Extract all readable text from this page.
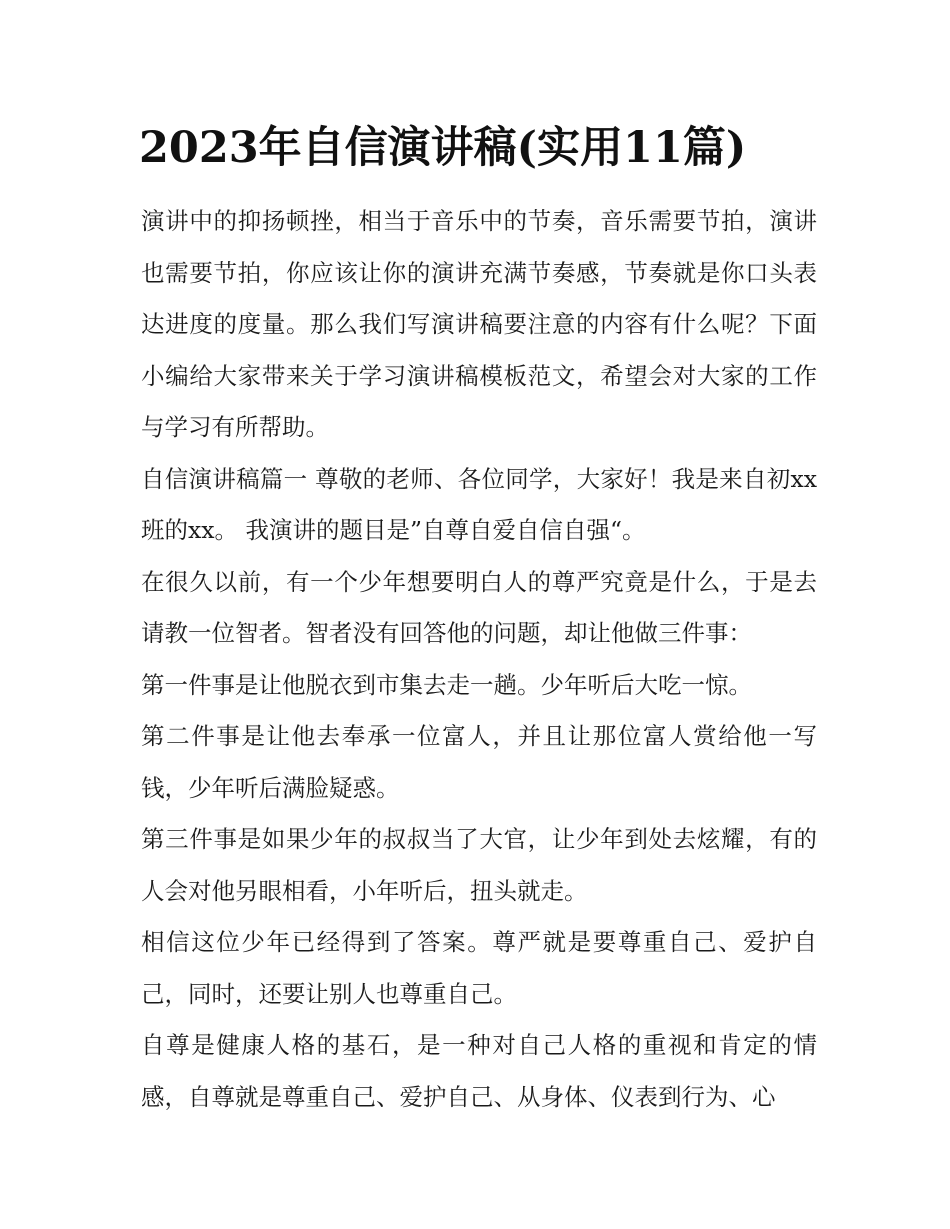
2023年自信演讲稿(实用11篇)

演讲中的抑扬顿挫，相当于音乐中的节奏，音乐需要节拍，演讲也需要节拍，你应该让你的演讲充满节奏感，节奏就是你口头表达进度的度量。那么我们写演讲稿要注意的内容有什么呢？下面小编给大家带来关于学习演讲稿模板范文，希望会对大家的工作与学习有所帮助。

自信演讲稿篇一 尊敬的老师、各位同学，大家好！我是来自初xx班的xx。 我演讲的题目是”自尊自爱自信自强“。

在很久以前，有一个少年想要明白人的尊严究竟是什么，于是去请教一位智者。智者没有回答他的问题，却让他做三件事：

第一件事是让他脱衣到市集去走一趟。少年听后大吃一惊。

第二件事是让他去奉承一位富人，并且让那位富人赏给他一写钱，少年听后满脸疑惑。

第三件事是如果少年的叔叔当了大官，让少年到处去炫耀，有的人会对他另眼相看，小年听后，扭头就走。

相信这位少年已经得到了答案。尊严就是要尊重自己、爱护自己，同时，还要让别人也尊重自己。

自尊是健康人格的基石，是一种对自己人格的重视和肯定的情感，自尊就是尊重自己、爱护自己、从身体、仪表到行为、心
